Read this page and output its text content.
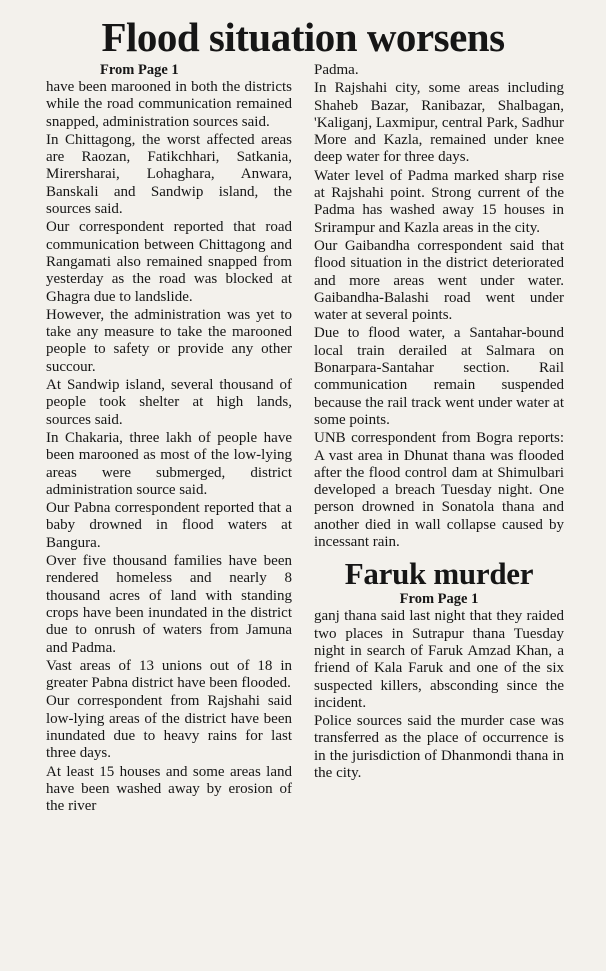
Flood situation worsens

From Page 1

have been marooned in both the districts while the road communication remained snapped, administration sources said.

In Chittagong, the worst affected areas are Raozan, Fatikchhari, Satkania, Mirersharai, Lohaghara, Anwara, Banskali and Sandwip island, the sources said.

Our correspondent reported that road communication between Chittagong and Rangamati also remained snapped from yesterday as the road was blocked at Ghagra due to landslide.

However, the administration was yet to take any measure to take the marooned people to safety or provide any other succour.

At Sandwip island, several thousand of people took shelter at high lands, sources said.

In Chakaria, three lakh of people have been marooned as most of the low-lying areas were submerged, district administration source said.

Our Pabna correspondent reported that a baby drowned in flood waters at Bangura.

Over five thousand families have been rendered homeless and nearly 8 thousand acres of land with standing crops have been inundated in the district due to onrush of waters from Jamuna and Padma.

Vast areas of 13 unions out of 18 in greater Pabna district have been flooded.

Our correspondent from Rajshahi said low-lying areas of the district have been inundated due to heavy rains for last three days.

At least 15 houses and some areas land have been washed away by erosion of the river

Padma.

In Rajshahi city, some areas including Shaheb Bazar, Ranibazar, Shalbagan, 'Kaliganj, Laxmipur, central Park, Sadhur More and Kazla, remained under knee deep water for three days.

Water level of Padma marked sharp rise at Rajshahi point. Strong current of the Padma has washed away 15 houses in Srirampur and Kazla areas in the city.

Our Gaibandha correspondent said that flood situation in the district deteriorated and more areas went under water. Gaibandha-Balashi road went under water at several points.

Due to flood water, a Santahar-bound local train derailed at Salmara on Bonarpara-Santahar section. Rail communication remain suspended because the rail track went under water at some points.

UNB correspondent from Bogra reports: A vast area in Dhunat thana was flooded after the flood control dam at Shimulbari developed a breach Tuesday night. One person drowned in Sonatola thana and another died in wall collapse caused by incessant rain.

Faruk murder

From Page 1

ganj thana said last night that they raided two places in Sutrapur thana Tuesday night in search of Faruk Amzad Khan, a friend of Kala Faruk and one of the six suspected killers, absconding since the incident.

Police sources said the murder case was transferred as the place of occurrence is in the jurisdiction of Dhanmondi thana in the city.
